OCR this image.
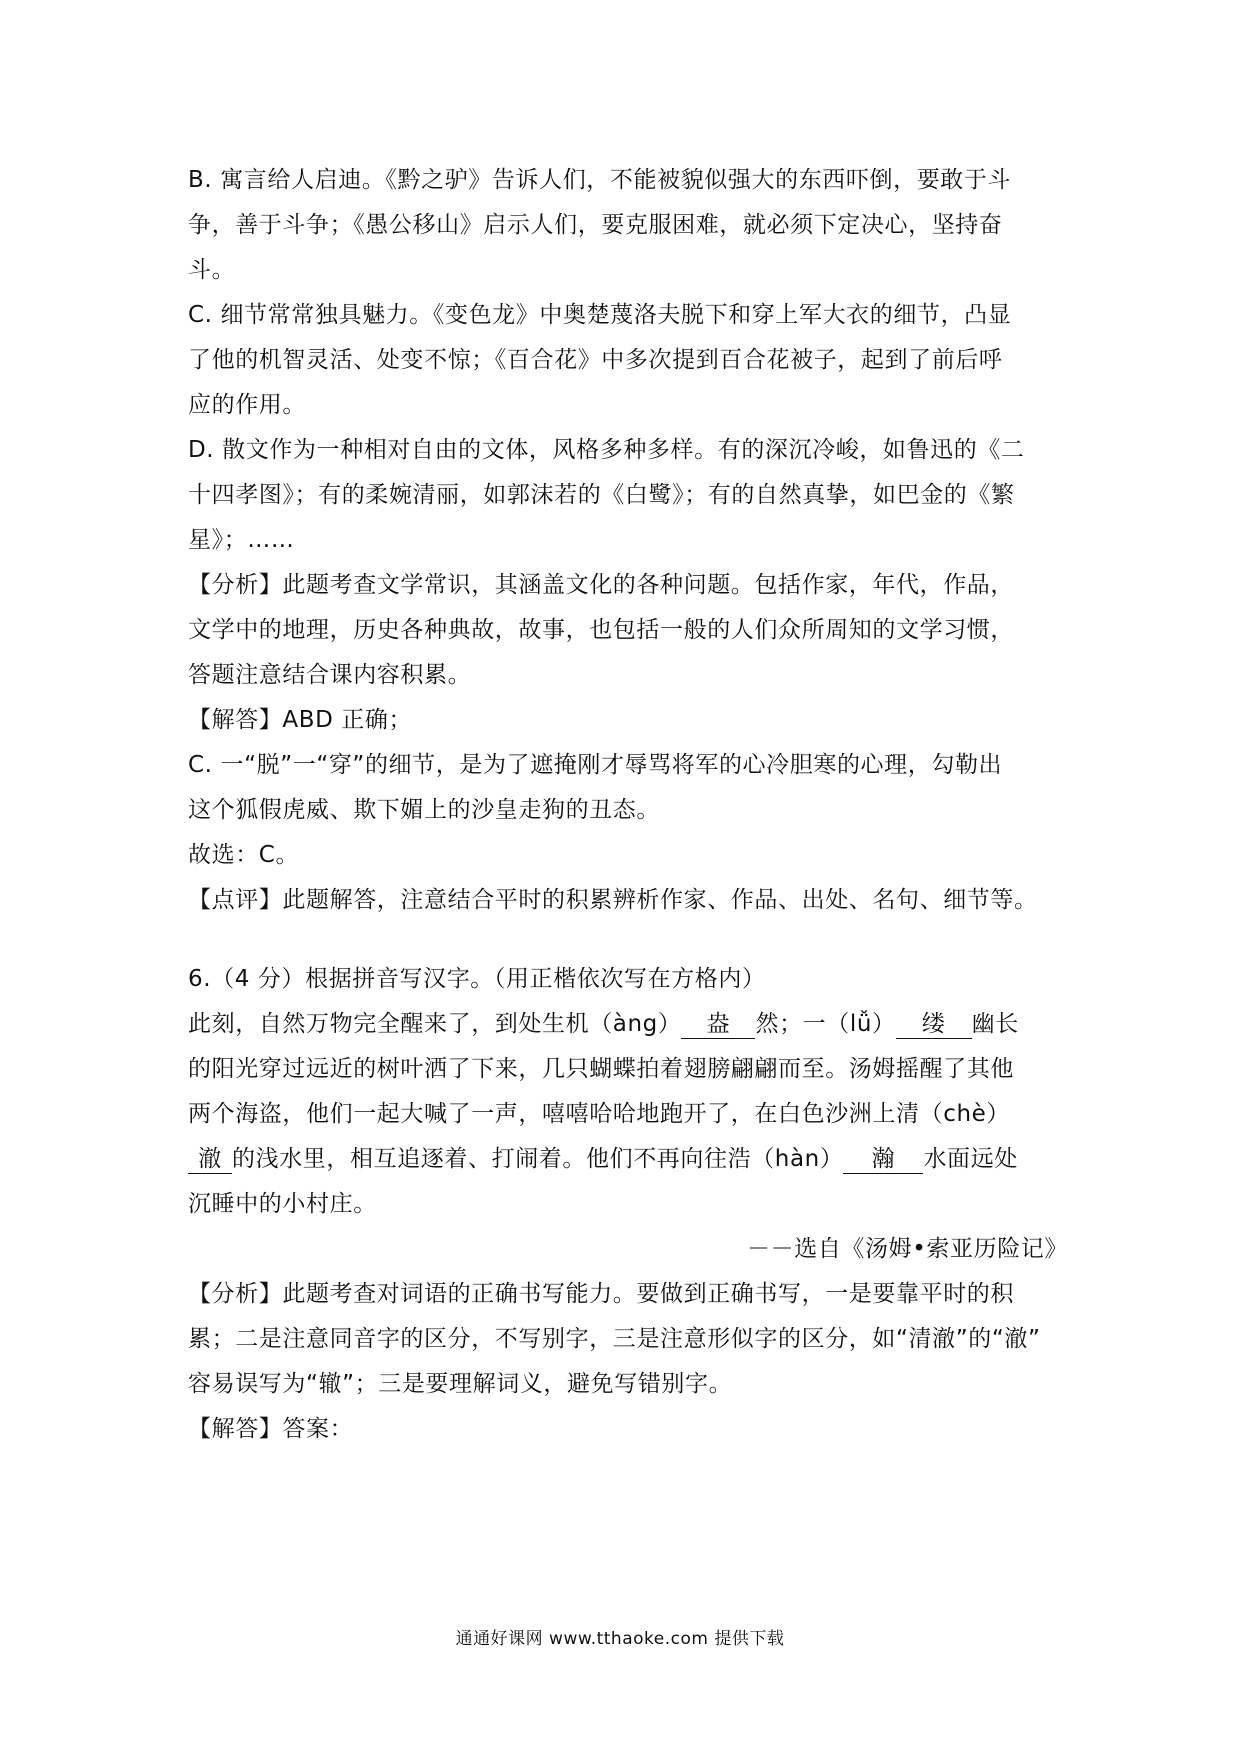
B. 寓言给人启迪。《黔之驴》告诉人们，不能被貌似强大的东西吓倒，要敢于斗
争，善于斗争；《愚公移山》启示人们，要克服困难，就必须下定决心，坚持奋
斗。
C. 细节常常独具魅力。《变色龙》中奥楚蔑洛夫脱下和穿上军大衣的细节，凸显
了他的机智灵活、处变不惊；《百合花》中多次提到百合花被子，起到了前后呼
应的作用。
D. 散文作为一种相对自由的文体，风格多种多样。有的深沉冷峻，如鲁迅的《二
十四孝图》；有的柔婉清丽，如郭沫若的《白鹭》；有的自然真挚，如巴金的《繁
星》；……
【分析】此题考查文学常识，其涵盖文化的各种问题。包括作家，年代，作品，
文学中的地理，历史各种典故，故事，也包括一般的人们众所周知的文学习惯，
答题注意结合课内容积累。
【解答】ABD 正确；
C. 一“脱”一“穿”的细节，是为了遮掩刚才辱骂将军的心冷胆寒的心理，勾勒出
这个狐假虎威、欺下媚上的沙皇走狗的丑态。
故选：C。
【点评】此题解答，注意结合平时的积累辨析作家、作品、出处、名句、细节等。
6.（4 分）根据拼音写汉字。（用正楷依次写在方格内）
此刻，自然万物完全醒来了，到处生机（àng） 盎 然；一（lǚ） 缕 幽长
的阳光穿过远近的树叶洒了下来，几只蝴蝶拍着翅膀翩翩而至。汤姆摇醒了其他
两个海盗，他们一起大喊了一声，嘻嘻哈哈地跑开了，在白色沙洲上清（chè）
澈 的浅水里，相互追逐着、打闹着。他们不再向往浩（hàn） 瀚 水面远处
沉睡中的小村庄。
－－选自《汤姆•索亚历险记》
【分析】此题考查对词语的正确书写能力。要做到正确书写，一是要靠平时的积
累；二是注意同音字的区分，不写别字，三是注意形似字的区分，如“清澈”的“澈”
容易误写为“辙”；三是要理解词义，避免写错别字。
【解答】答案：
通通好课网 www.tthaoke.com 提供下载
